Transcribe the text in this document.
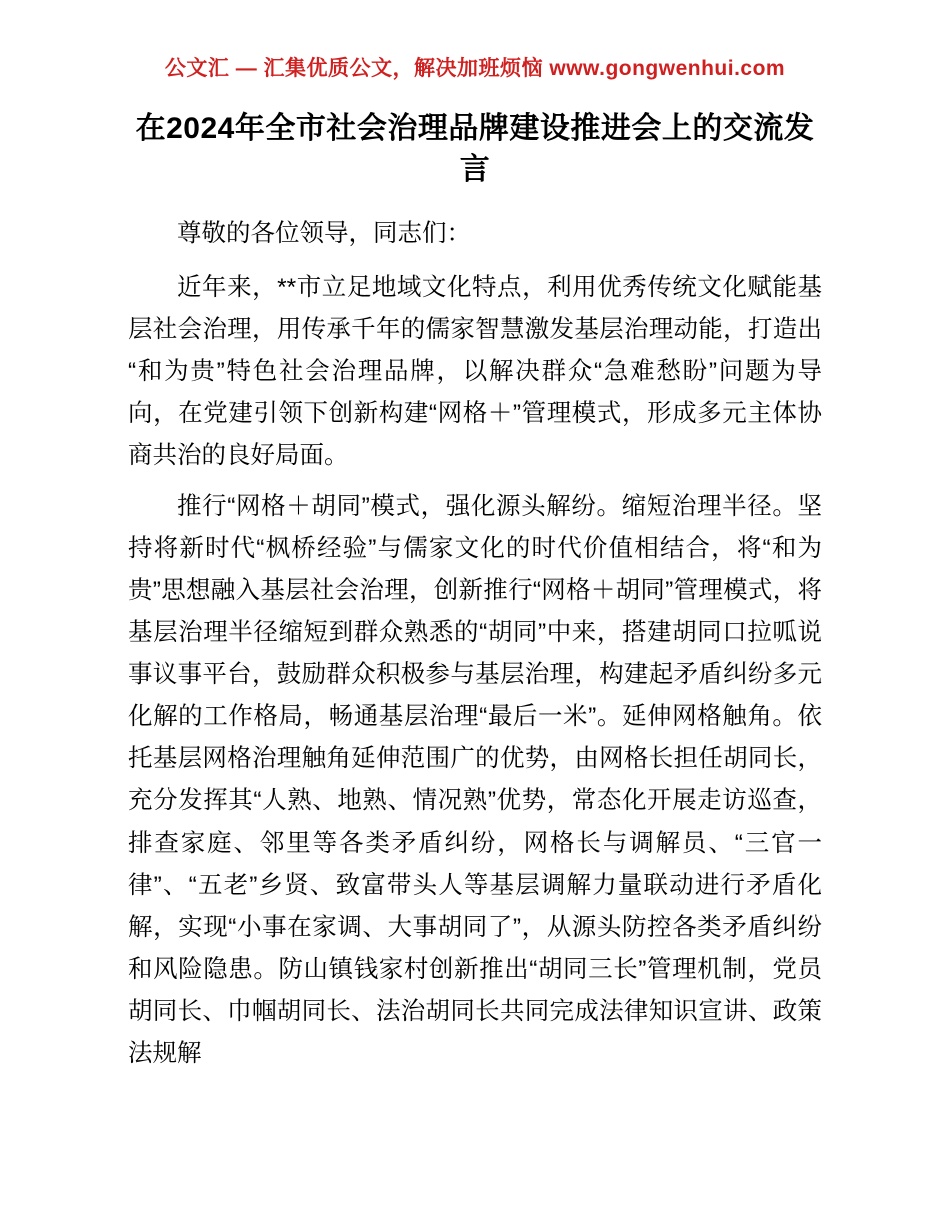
公文汇 — 汇集优质公文，解决加班烦恼 www.gongwenhui.com
在2024年全市社会治理品牌建设推进会上的交流发言

尊敬的各位领导，同志们：

近年来，**市立足地域文化特点，利用优秀传统文化赋能基层社会治理，用传承千年的儒家智慧激发基层治理动能，打造出“和为贵”特色社会治理品牌，以解决群众“急难愁盼”问题为导向，在党建引领下创新构建“网格＋”管理模式，形成多元主体协商共治的良好局面。

推行“网格＋胡同”模式，强化源头解纷。缩短治理半径。坚持将新时代“枫桥经验”与儒家文化的时代价值相结合，将“和为贵”思想融入基层社会治理，创新推行“网格＋胡同”管理模式，将基层治理半径缩短到群众熟悉的“胡同”中来，搭建胡同口拉呱说事议事平台，鼓励群众积极参与基层治理，构建起矛盾纠纷多元化解的工作格局，畅通基层治理“最后一米”。延伸网格触角。依托基层网格治理触角延伸范围广的优势，由网格长担任胡同长，充分发挥其“人熟、地熟、情况熟”优势，常态化开展走访巡查，排查家庭、邻里等各类矛盾纠纷，网格长与调解员、“三官一律”、“五老”乡贤、致富带头人等基层调解力量联动进行矛盾化解，实现“小事在家调、大事胡同了”，从源头防控各类矛盾纠纷和风险隐患。防山镇钱家村创新推出“胡同三长”管理机制，党员胡同长、巾帼胡同长、法治胡同长共同完成法律知识宣讲、政策法规解
